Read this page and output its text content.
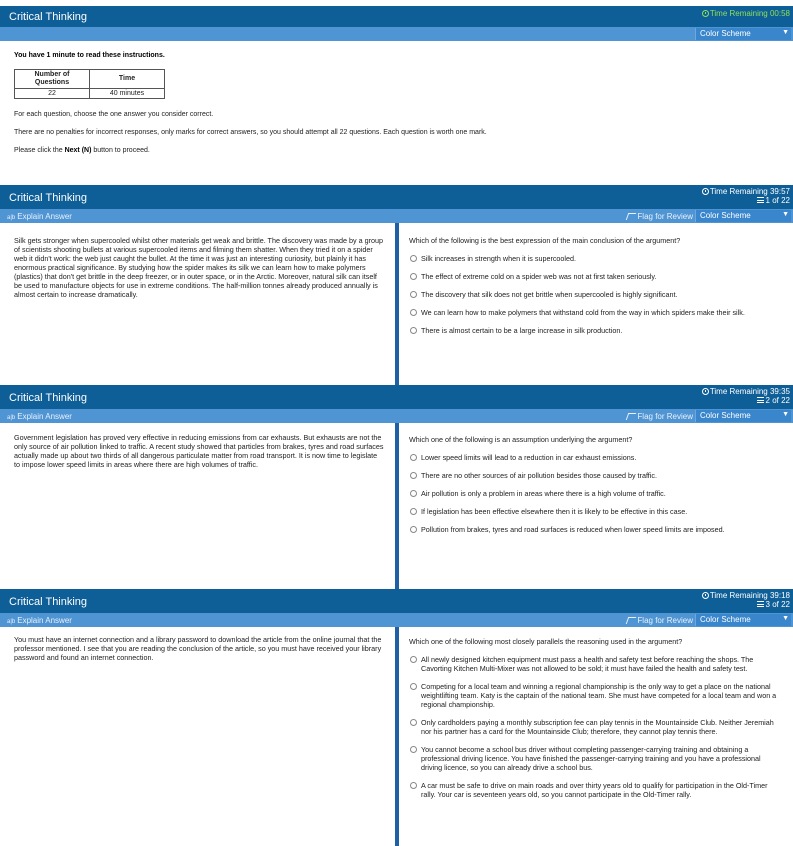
Critical Thinking	Time Remaining 00:58
Color Scheme	▼
You have 1 minute to read these instructions.
Number of Questions	Time
22	40 minutes

For each question, choose the one answer you consider correct.

There are no penalties for incorrect responses, only marks for correct answers, so you should attempt all 22 questions. Each question is worth one mark.

Please click the Next (N) button to proceed.

Critical Thinking
Time Remaining 39:57
1 of 22
a|b Explain Answer	Flag for Review Color Scheme	▼
Silk gets stronger when supercooled whilst other materials get weak and brittle. The discovery was made by a group of scientists shooting bullets at various supercooled items and filming them shatter. When they tried it on a spider web it didn't work: the web just caught the bullet. At the time it was just an interesting curiosity, but plainly it has enormous practical significance. By studying how the spider makes its silk we can learn how to make polymers (plastics) that don't get brittle in the deep freezer, or in outer space, or in the Arctic. Moreover, natural silk can itself be used to manufacture objects for use in extreme conditions. The half-million tonnes already produced annually is almost certain to increase dramatically.
Which of the following is the best expression of the main conclusion of the argument?
Silk increases in strength when it is supercooled.
The effect of extreme cold on a spider web was not at first taken seriously.
The discovery that silk does not get brittle when supercooled is highly significant.
We can learn how to make polymers that withstand cold from the way in which spiders make their silk.
There is almost certain to be a large increase in silk production.
Critical Thinking
Time Remaining 39:35
2 of 22
a|b Explain Answer	Flag for Review Color Scheme	▼
Government legislation has proved very effective in reducing emissions from car exhausts. But exhausts are not the only source of air pollution linked to traffic. A recent study showed that particles from brakes, tyres and road surfaces actually made up about two thirds of all dangerous particulate matter from road transport. It is now time to legislate to impose lower speed limits in areas where there are high volumes of traffic.
Which one of the following is an assumption underlying the argument?
Lower speed limits will lead to a reduction in car exhaust emissions.
There are no other sources of air pollution besides those caused by traffic.
Air pollution is only a problem in areas where there is a high volume of traffic.
If legislation has been effective elsewhere then it is likely to be effective in this case.
Pollution from brakes, tyres and road surfaces is reduced when lower speed limits are imposed.
Critical Thinking
Time Remaining 39:18
3 of 22
a|b Explain Answer	Flag for Review Color Scheme	▼
You must have an internet connection and a library password to download the article from the online journal that the professor mentioned. I see that you are reading the conclusion of the article, so you must have received your library password and found an internet connection.
Which one of the following most closely parallels the reasoning used in the argument?
All newly designed kitchen equipment must pass a health and safety test before reaching the shops. The Cavorting Kitchen Multi-Mixer was not allowed to be sold; it must have failed the health and safety test.
Competing for a local team and winning a regional championship is the only way to get a place on the national weightlifting team. Katy is the captain of the national team. She must have competed for a local team and won a regional championship.
Only cardholders paying a monthly subscription fee can play tennis in the Mountainside Club. Neither Jeremiah nor his partner has a card for the Mountainside Club; therefore, they cannot play tennis there.
You cannot become a school bus driver without completing passenger-carrying training and obtaining a professional driving licence. You have finished the passenger-carrying training and you have a professional driving licence, so you can already drive a school bus.
A car must be safe to drive on main roads and over thirty years old to qualify for participation in the Old-Timer rally. Your car is seventeen years old, so you cannot participate in the Old-Timer rally.
